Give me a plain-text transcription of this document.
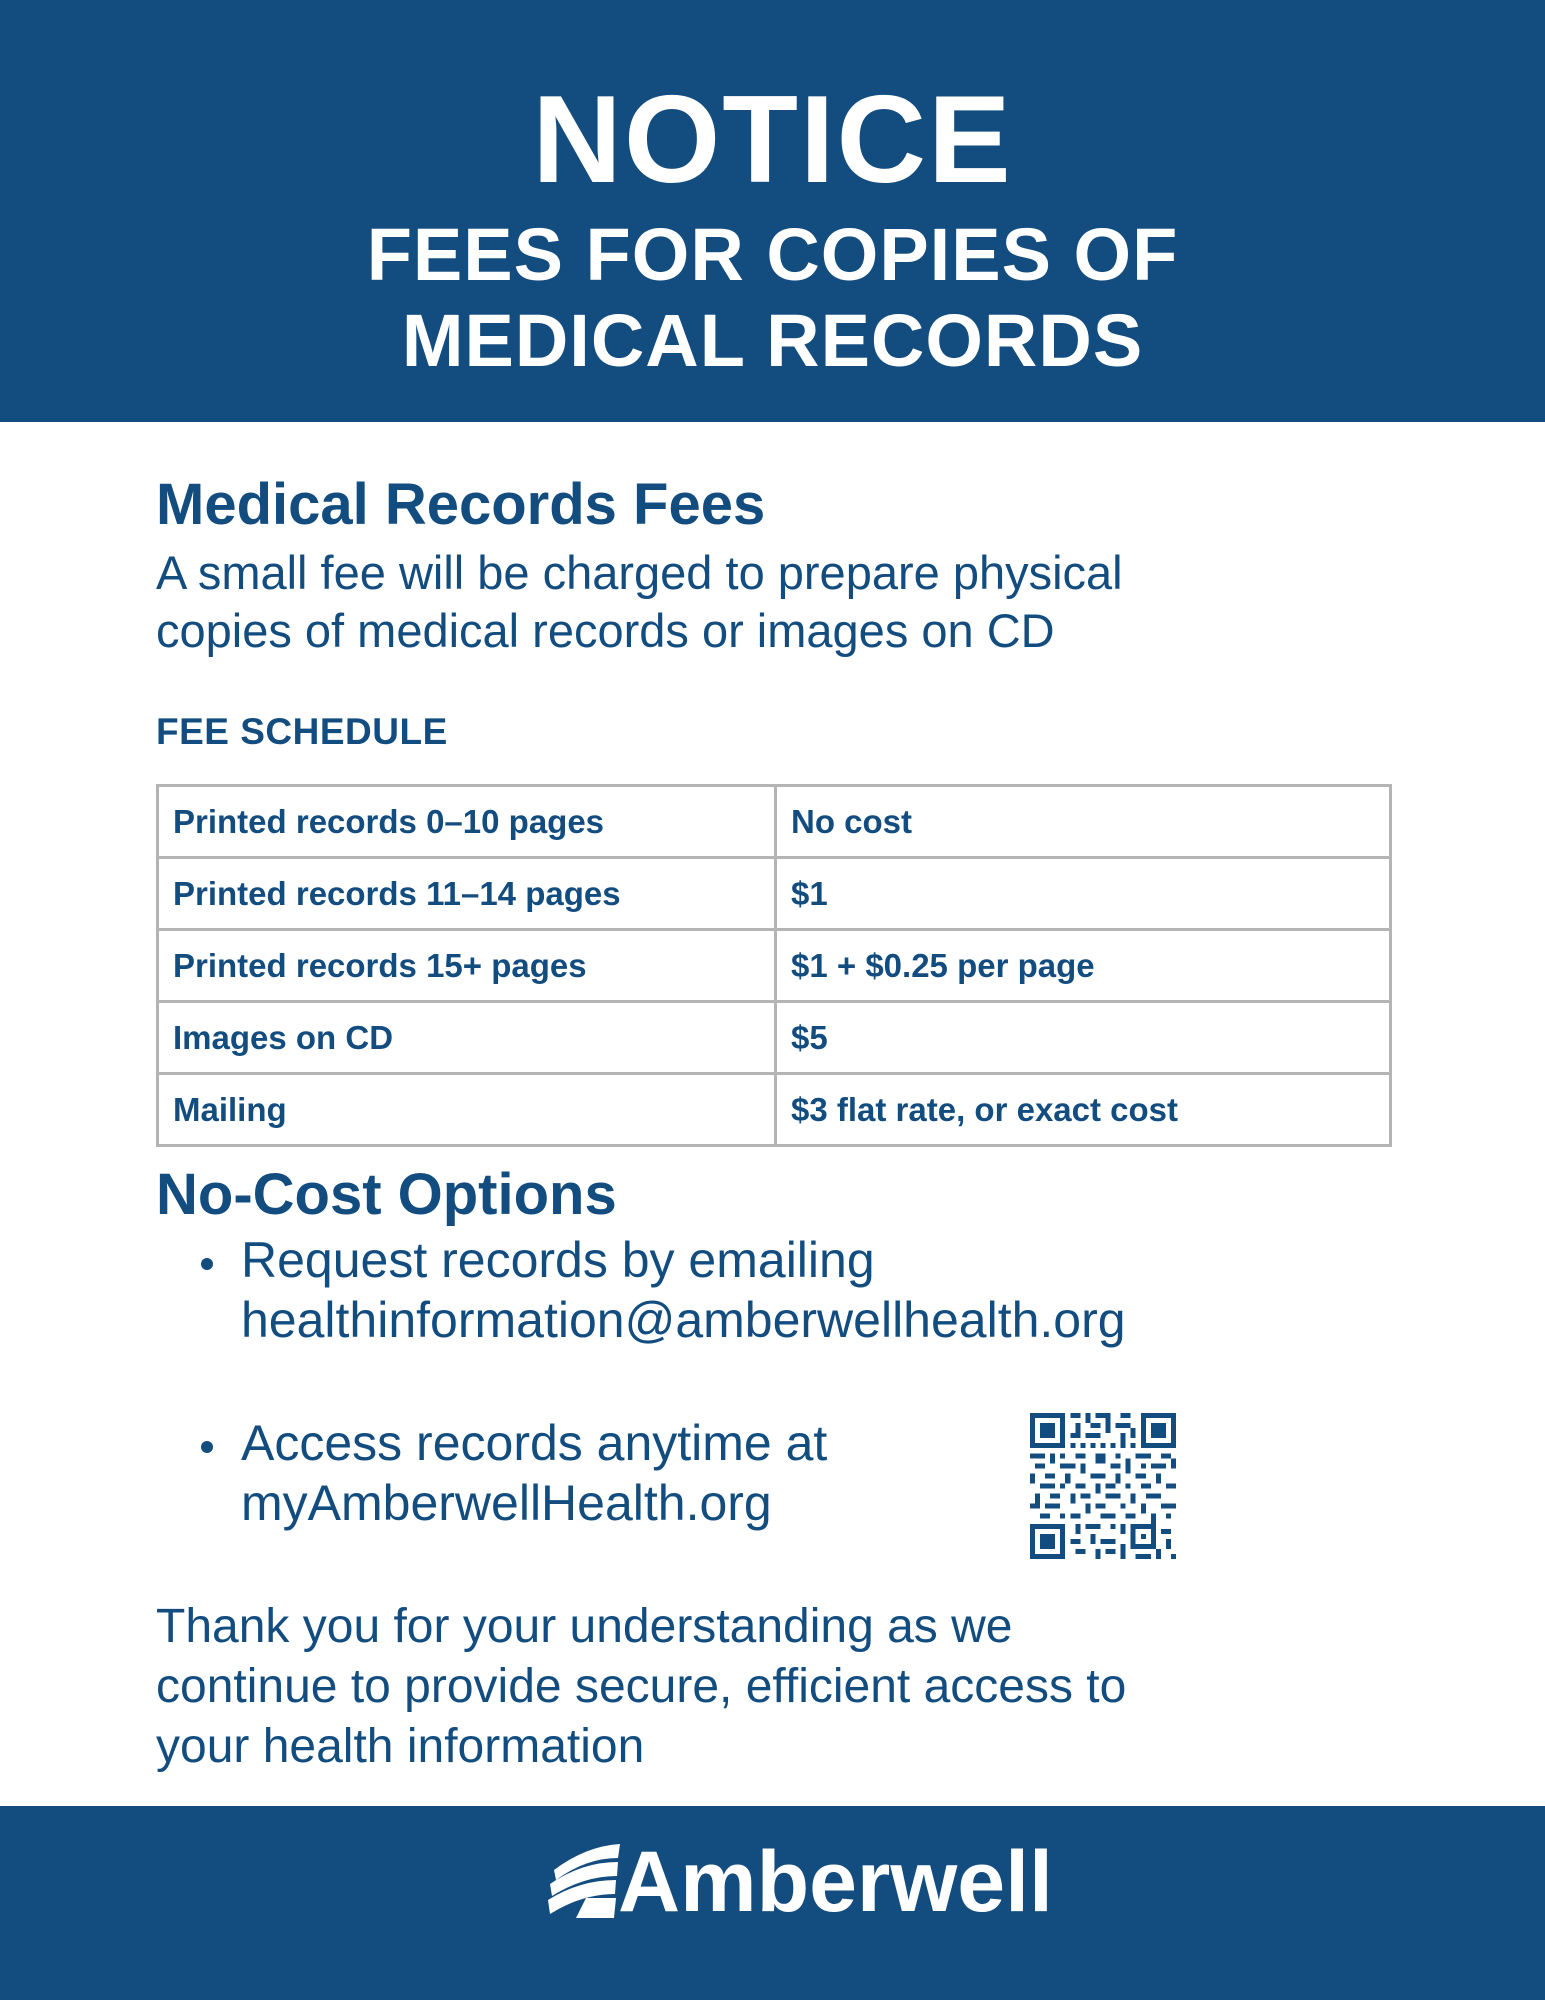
NOTICE
FEES FOR COPIES OF
MEDICAL RECORDS
Medical Records Fees
A small fee will be charged to prepare physical
copies of medical records or images on CD
FEE SCHEDULE
Printed records 0–10 pages	No cost
Printed records 11–14 pages	$1
Printed records 15+ pages	$1 + $0.25 per page
Images on CD	$5
Mailing	$3 flat rate, or exact cost
No-Cost Options
Request records by emailing
healthinformation@amberwellhealth.org
Access records anytime at
myAmberwellHealth.org
Thank you for your understanding as we
continue to provide secure, efficient access to
your health information
Amberwell
